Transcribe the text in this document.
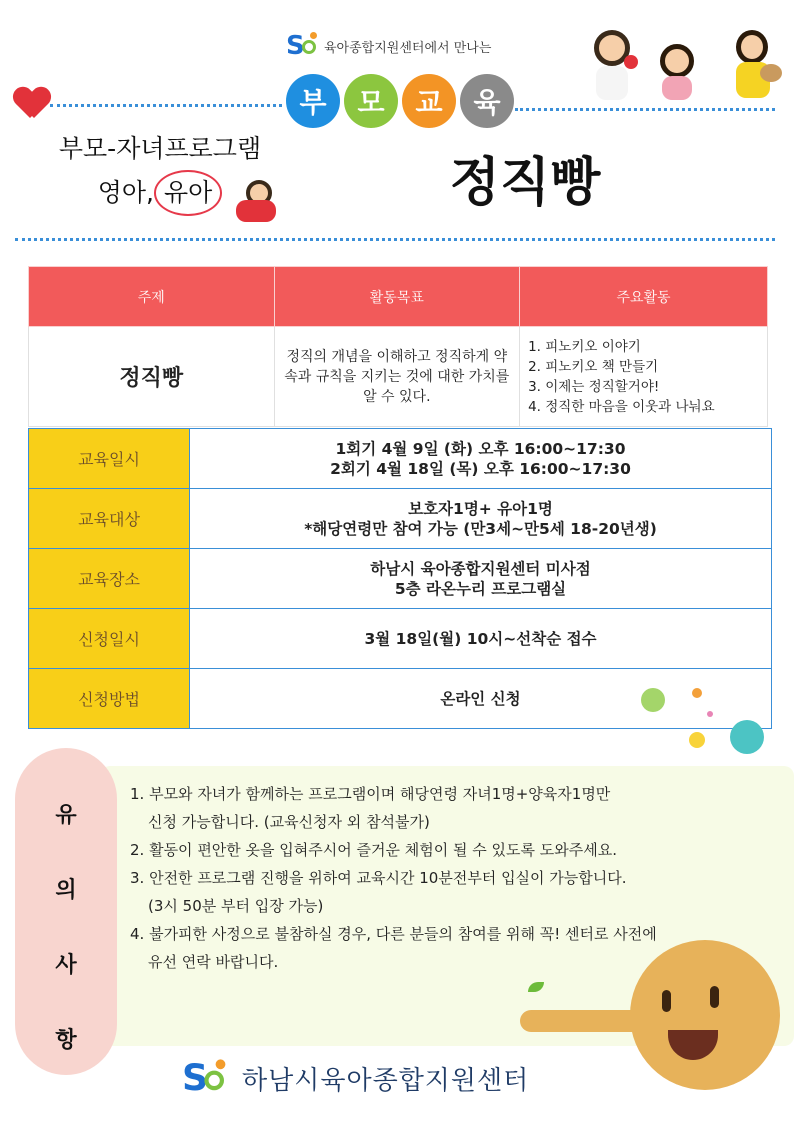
S 육아종합지원센터에서 만나는
부	모	교	육
부모-자녀프로그램
영아, 유아	정직빵
주제	활동목표	주요활동
정직빵	정직의 개념을 이해하고 정직하게 약속과 규칙을 지키는 것에 대한 가치를 알 수 있다.	1. 피노키오 이야기
2. 피노키오 책 만들기
3. 이제는 정직할거야!
4. 정직한 마음을 이웃과 나눠요
교육일시	1회기 4월 9일 (화) 오후 16:00~17:30
2회기 4월 18일 (목) 오후 16:00~17:30

교육대상	보호자1명+ 유아1명
*해당연령만 참여 가능 (만3세~만5세 18-20년생)

교육장소	하남시 육아종합지원센터 미사점
5층 라온누리 프로그램실

신청일시	3월 18일(월) 10시~선착순 접수

신청방법	온라인 신청
유
의
사
항
1. 부모와 자녀가 함께하는 프로그램이며 해당연령 자녀1명+양육자1명만
신청 가능합니다. (교육신청자 외 참석불가)
2. 활동이 편안한 옷을 입혀주시어 즐거운 체험이 될 수 있도록 도와주세요.
3. 안전한 프로그램 진행을 위하여 교육시간 10분전부터 입실이 가능합니다.
(3시 50분 부터 입장 가능)
4. 불가피한 사정으로 불참하실 경우, 다른 분들의 참여를 위해 꼭! 센터로 사전에
유선 연락 바랍니다.
S 하남시육아종합지원센터
